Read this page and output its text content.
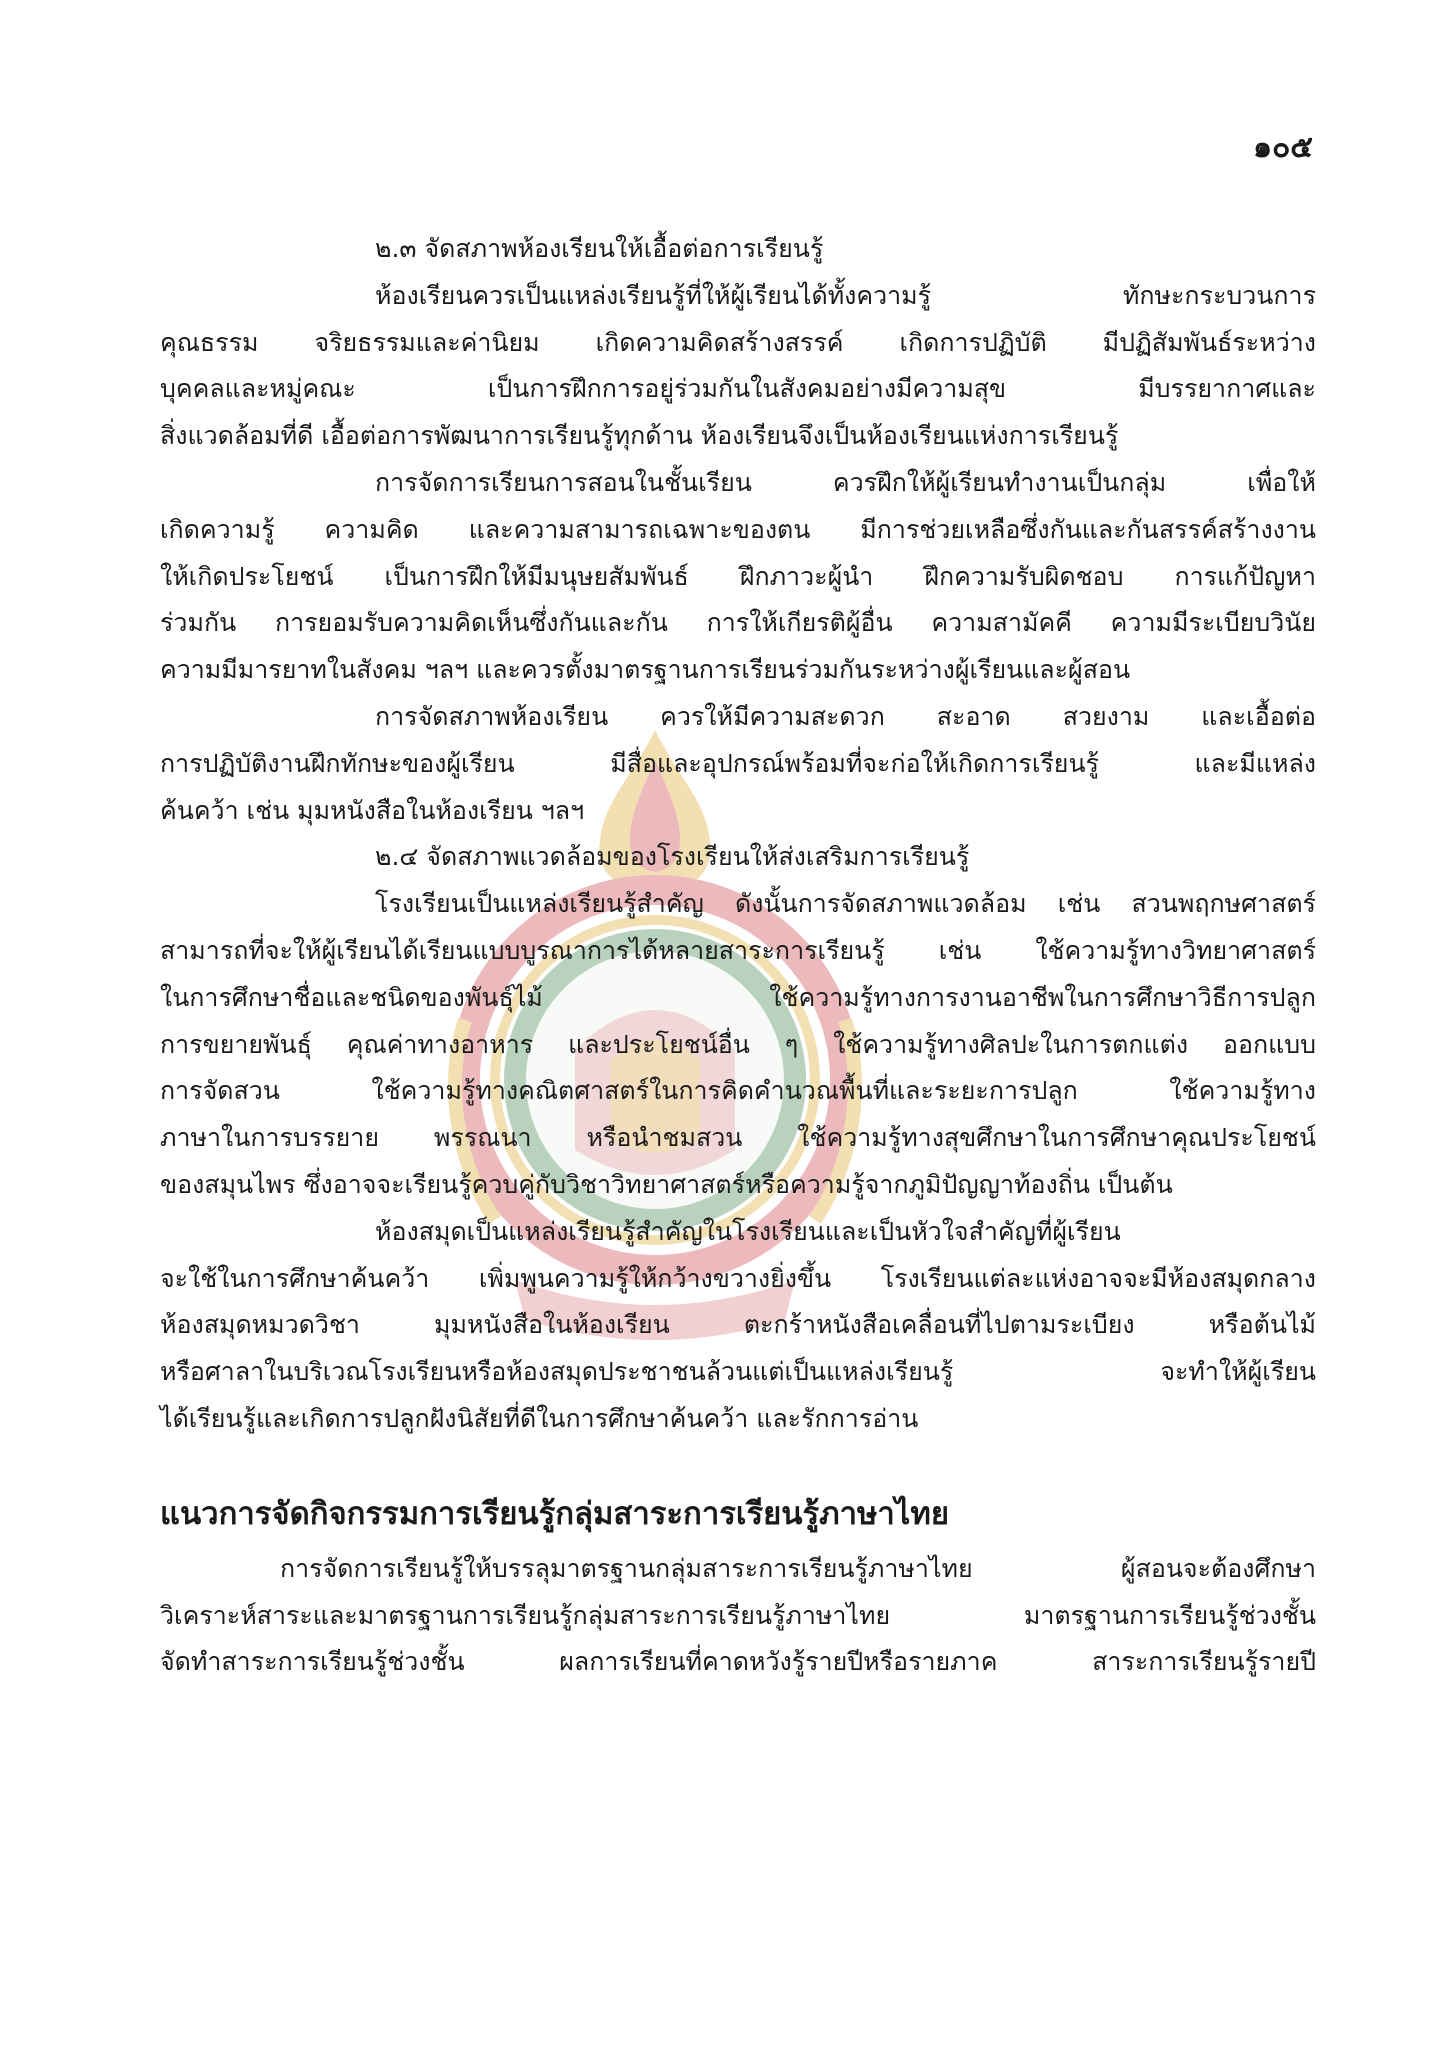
๑๐๕

๒.๓ จัดสภาพห้องเรียนให้เอื้อต่อการเรียนรู้

ห้องเรียนควรเป็นแหล่งเรียนรู้ที่ให้ผู้เรียนได้ทั้งความรู้ ทักษะกระบวนการ

คุณธรรม จริยธรรมและค่านิยม เกิดความคิดสร้างสรรค์ เกิดการปฏิบัติ มีปฏิสัมพันธ์ระหว่าง

บุคคลและหมู่คณะ เป็นการฝึกการอยู่ร่วมกันในสังคมอย่างมีความสุข มีบรรยากาศและ

สิ่งแวดล้อมที่ดี เอื้อต่อการพัฒนาการเรียนรู้ทุกด้าน ห้องเรียนจึงเป็นห้องเรียนแห่งการเรียนรู้

การจัดการเรียนการสอนในชั้นเรียน ควรฝึกให้ผู้เรียนทำงานเป็นกลุ่ม เพื่อให้

เกิดความรู้ ความคิด และความสามารถเฉพาะของตน มีการช่วยเหลือซึ่งกันและกันสรรค์สร้างงาน

ให้เกิดประโยชน์ เป็นการฝึกให้มีมนุษยสัมพันธ์ ฝึกภาวะผู้นำ ฝึกความรับผิดชอบ การแก้ปัญหา

ร่วมกัน การยอมรับความคิดเห็นซึ่งกันและกัน การให้เกียรติผู้อื่น ความสามัคคี ความมีระเบียบวินัย

ความมีมารยาทในสังคม ฯลฯ และควรตั้งมาตรฐานการเรียนร่วมกันระหว่างผู้เรียนและผู้สอน

การจัดสภาพห้องเรียน ควรให้มีความสะดวก สะอาด สวยงาม และเอื้อต่อ

การปฏิบัติงานฝึกทักษะของผู้เรียน มีสื่อและอุปกรณ์พร้อมที่จะก่อให้เกิดการเรียนรู้ และมีแหล่ง

ค้นคว้า เช่น มุมหนังสือในห้องเรียน ฯลฯ

๒.๔ จัดสภาพแวดล้อมของโรงเรียนให้ส่งเสริมการเรียนรู้

โรงเรียนเป็นแหล่งเรียนรู้สำคัญ ดังนั้นการจัดสภาพแวดล้อม เช่น สวนพฤกษศาสตร์

สามารถที่จะให้ผู้เรียนได้เรียนแบบบูรณาการได้หลายสาระการเรียนรู้ เช่น ใช้ความรู้ทางวิทยาศาสตร์

ในการศึกษาชื่อและชนิดของพันธุ์ไม้ ใช้ความรู้ทางการงานอาชีพในการศึกษาวิธีการปลูก

การขยายพันธุ์ คุณค่าทางอาหาร และประโยชน์อื่น ๆ ใช้ความรู้ทางศิลปะในการตกแต่ง ออกแบบ

การจัดสวน ใช้ความรู้ทางคณิตศาสตร์ในการคิดคำนวณพื้นที่และระยะการปลูก ใช้ความรู้ทาง

ภาษาในการบรรยาย พรรณนา หรือนำชมสวน ใช้ความรู้ทางสุขศึกษาในการศึกษาคุณประโยชน์

ของสมุนไพร ซึ่งอาจจะเรียนรู้ควบคู่กับวิชาวิทยาศาสตร์หรือความรู้จากภูมิปัญญาท้องถิ่น เป็นต้น

ห้องสมุดเป็นแหล่งเรียนรู้สำคัญในโรงเรียนและเป็นหัวใจสำคัญที่ผู้เรียน

จะใช้ในการศึกษาค้นคว้า เพิ่มพูนความรู้ให้กว้างขวางยิ่งขึ้น โรงเรียนแต่ละแห่งอาจจะมีห้องสมุดกลาง

ห้องสมุดหมวดวิชา มุมหนังสือในห้องเรียน ตะกร้าหนังสือเคลื่อนที่ไปตามระเบียง หรือต้นไม้

หรือศาลาในบริเวณโรงเรียนหรือห้องสมุดประชาชนล้วนแต่เป็นแหล่งเรียนรู้ จะทำให้ผู้เรียน

ได้เรียนรู้และเกิดการปลูกฝังนิสัยที่ดีในการศึกษาค้นคว้า และรักการอ่าน

แนวการจัดกิจกรรมการเรียนรู้กลุ่มสาระการเรียนรู้ภาษาไทย

การจัดการเรียนรู้ให้บรรลุมาตรฐานกลุ่มสาระการเรียนรู้ภาษาไทย ผู้สอนจะต้องศึกษา

วิเคราะห์สาระและมาตรฐานการเรียนรู้กลุ่มสาระการเรียนรู้ภาษาไทย มาตรฐานการเรียนรู้ช่วงชั้น

จัดทำสาระการเรียนรู้ช่วงชั้น ผลการเรียนที่คาดหวังรู้รายปีหรือรายภาค สาระการเรียนรู้รายปี
